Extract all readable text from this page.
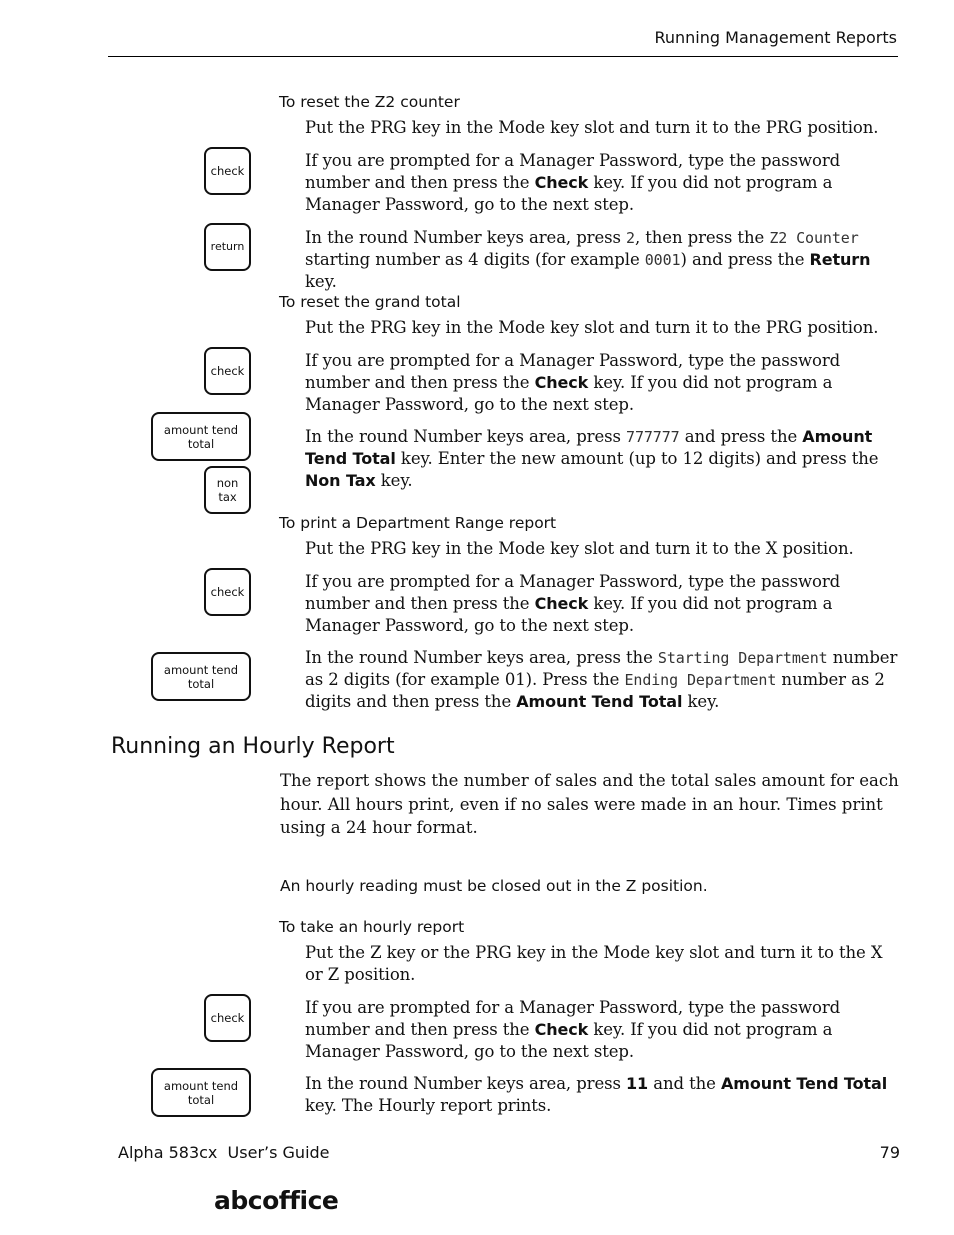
Running Management Reports
To reset the Z2 counter
Put the PRG key in the Mode key slot and turn it to the PRG position.
check
If you are prompted for a Manager Password, type the password number and then press the Check key. If you did not program a Manager Password, go to the next step.
return	In the round Number keys area, press 2, then press the Z2 Counter starting number as 4 digits (for example 0001) and press the Return key.
To reset the grand total
Put the PRG key in the Mode key slot and turn it to the PRG position.
check
If you are prompted for a Manager Password, type the password number and then press the Check key. If you did not program a Manager Password, go to the next step.
amount tend
total
non
tax
In the round Number keys area, press 777777 and press the Amount Tend Total key. Enter the new amount (up to 12 digits) and press the Non Tax key.
To print a Department Range report
Put the PRG key in the Mode key slot and turn it to the X position.
check
If you are prompted for a Manager Password, type the password number and then press the Check key. If you did not program a Manager Password, go to the next step.
amount tend
total
In the round Number keys area, press the Starting Department number as 2 digits (for example 01). Press the Ending Department number as 2 digits and then press the Amount Tend Total key.
Running an Hourly Report
The report shows the number of sales and the total sales amount for each hour. All hours print, even if no sales were made in an hour. Times print using a 24 hour format.
An hourly reading must be closed out in the Z position.
To take an hourly report
Put the Z key or the PRG key in the Mode key slot and turn it to the X or Z position.
check
If you are prompted for a Manager Password, type the password number and then press the Check key. If you did not program a Manager Password, go to the next step.
amount tend
total
In the round Number keys area, press 11 and the Amount Tend Total key. The Hourly report prints.
Alpha 583cx  User’s Guide	79
abcoffice
